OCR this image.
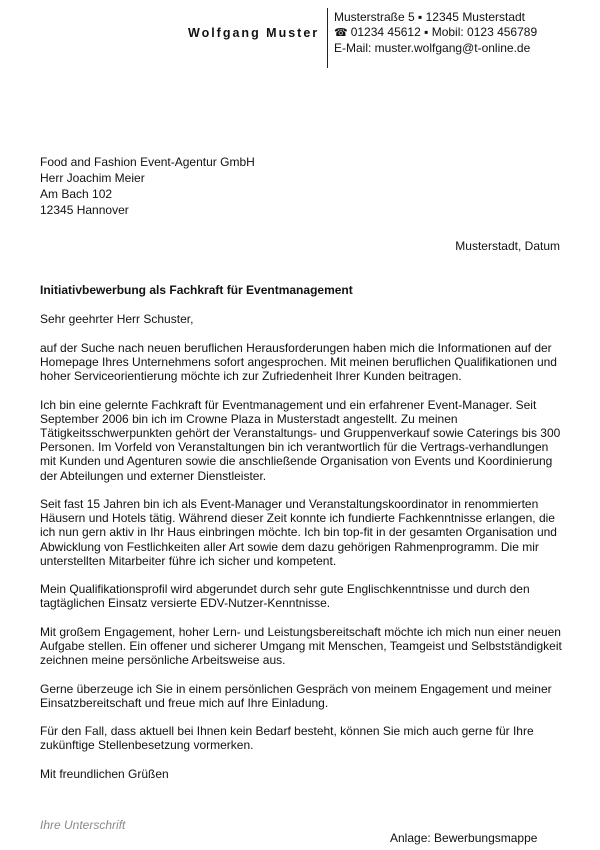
Wolfgang Muster
Musterstraße 5 ▪ 12345 Musterstadt
☎ 01234 45612 ▪ Mobil: 0123 456789
E-Mail: muster.wolfgang@t-online.de
Food and Fashion Event-Agentur GmbH
Herr Joachim Meier
Am Bach 102
12345 Hannover
Musterstadt, Datum
Initiativbewerbung als Fachkraft für Eventmanagement

Sehr geehrter Herr Schuster,

auf der Suche nach neuen beruflichen Herausforderungen haben mich die Informationen auf der Homepage Ihres Unternehmens sofort angesprochen. Mit meinen beruflichen Qualifikationen und hoher Serviceorientierung möchte ich zur Zufriedenheit Ihrer Kunden beitragen.

Ich bin eine gelernte Fachkraft für Eventmanagement und ein erfahrener Event-Manager. Seit September 2006 bin ich im Crowne Plaza in Musterstadt angestellt. Zu meinen Tätigkeitsschwerpunkten gehört der Veranstaltungs- und Gruppenverkauf sowie Caterings bis 300 Personen. Im Vorfeld von Veranstaltungen bin ich verantwortlich für die Vertrags-verhandlungen mit Kunden und Agenturen sowie die anschließende Organisation von Events und Koordinierung der Abteilungen und externer Dienstleister.

Seit fast 15 Jahren bin ich als Event-Manager und Veranstaltungskoordinator in renommierten Häusern und Hotels tätig. Während dieser Zeit konnte ich fundierte Fachkenntnisse erlangen, die ich nun gern aktiv in Ihr Haus einbringen möchte. Ich bin top-fit in der gesamten Organisation und Abwicklung von Festlichkeiten aller Art sowie dem dazu gehörigen Rahmenprogramm. Die mir unterstellten Mitarbeiter führe ich sicher und kompetent.

Mein Qualifikationsprofil wird abgerundet durch sehr gute Englischkenntnisse und durch den tagtäglichen Einsatz versierte EDV-Nutzer-Kenntnisse.

Mit großem Engagement, hoher Lern- und Leistungsbereitschaft möchte ich mich nun einer neuen Aufgabe stellen. Ein offener und sicherer Umgang mit Menschen, Teamgeist und Selbstständigkeit zeichnen meine persönliche Arbeitsweise aus.

Gerne überzeuge ich Sie in einem persönlichen Gespräch von meinem Engagement und meiner Einsatzbereitschaft und freue mich auf Ihre Einladung.

Für den Fall, dass aktuell bei Ihnen kein Bedarf besteht, können Sie mich auch gerne für Ihre zukünftige Stellenbesetzung vormerken.

Mit freundlichen Grüßen

Ihre Unterschrift
Anlage: Bewerbungsmappe
